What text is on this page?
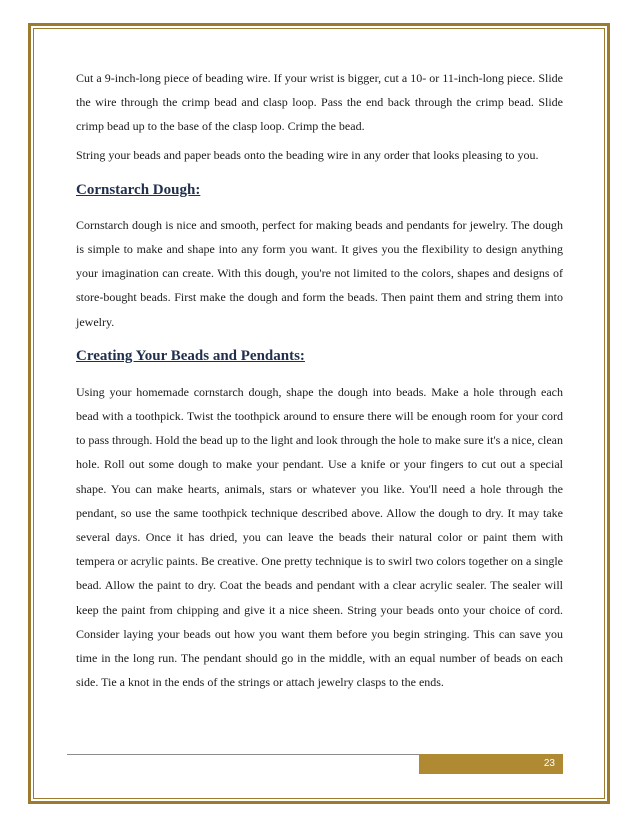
Cut a 9-inch-long piece of beading wire. If your wrist is bigger, cut a 10- or 11-inch-long piece. Slide the wire through the crimp bead and clasp loop. Pass the end back through the crimp bead. Slide crimp bead up to the base of the clasp loop. Crimp the bead.

String your beads and paper beads onto the beading wire in any order that looks pleasing to you.

Cornstarch Dough:

Cornstarch dough is nice and smooth, perfect for making beads and pendants for jewelry. The dough is simple to make and shape into any form you want. It gives you the flexibility to design anything your imagination can create. With this dough, you're not limited to the colors, shapes and designs of store-bought beads. First make the dough and form the beads. Then paint them and string them into jewelry.

Creating Your Beads and Pendants:

Using your homemade cornstarch dough, shape the dough into beads. Make a hole through each bead with a toothpick. Twist the toothpick around to ensure there will be enough room for your cord to pass through. Hold the bead up to the light and look through the hole to make sure it's a nice, clean hole. Roll out some dough to make your pendant. Use a knife or your fingers to cut out a special shape. You can make hearts, animals, stars or whatever you like. You'll need a hole through the pendant, so use the same toothpick technique described above. Allow the dough to dry. It may take several days. Once it has dried, you can leave the beads their natural color or paint them with tempera or acrylic paints. Be creative. One pretty technique is to swirl two colors together on a single bead. Allow the paint to dry. Coat the beads and pendant with a clear acrylic sealer. The sealer will keep the paint from chipping and give it a nice sheen. String your beads onto your choice of cord. Consider laying your beads out how you want them before you begin stringing. This can save you time in the long run. The pendant should go in the middle, with an equal number of beads on each side. Tie a knot in the ends of the strings or attach jewelry clasps to the ends.

23
